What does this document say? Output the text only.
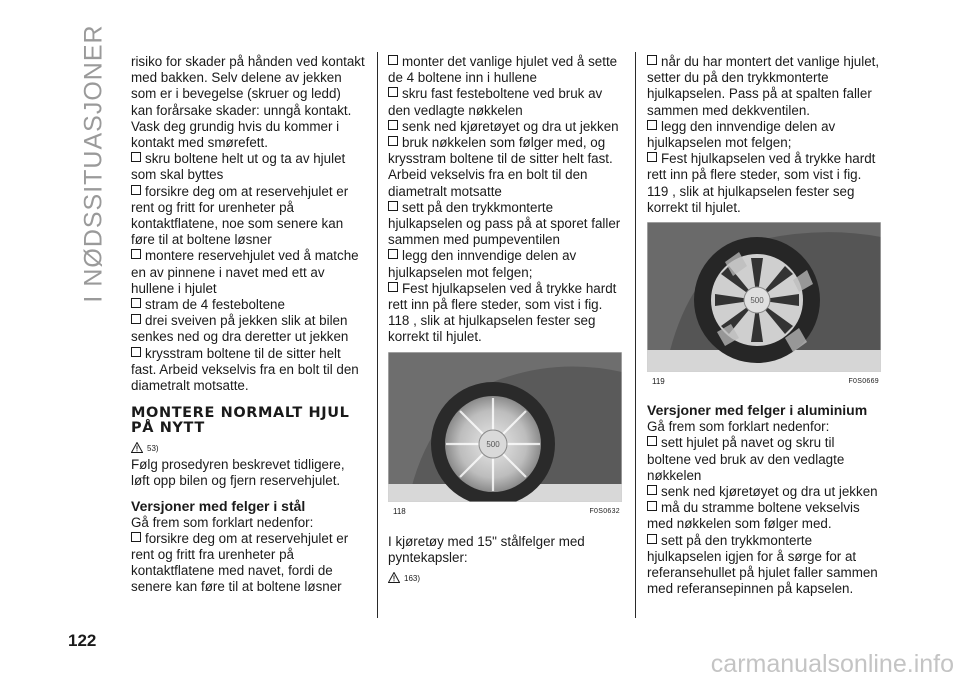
I NØDSSITUASJONER risiko for skader på hånden ved kontakt med bakken. Selv delene av jekken som er i bevegelse (skruer og ledd) kan forårsake skader: unngå kontakt. Vask deg grundig hvis du kommer i kontakt med smørefett.

skru boltene helt ut og ta av hjulet som skal byttes

forsikre deg om at reservehjulet er rent og fritt for urenheter på kontaktflatene, noe som senere kan føre til at boltene løsner

montere reservehjulet ved å matche en av pinnene i navet med ett av hullene i hjulet

stram de 4 festeboltene

drei sveiven på jekken slik at bilen senkes ned og dra deretter ut jekken

krysstram boltene til de sitter helt fast. Arbeid vekselvis fra en bolt til den diametralt motsatte.

MONTERE NORMALT HJUL PÅ NYTT
53)

Følg prosedyren beskrevet tidligere, løft opp bilen og fjern reservehjulet.

Versjoner med felger i stål

Gå frem som forklart nedenfor:

forsikre deg om at reservehjulet er rent og fritt fra urenheter på kontaktflatene med navet, fordi de senere kan føre til at boltene løsner

monter det vanlige hjulet ved å sette de 4 boltene inn i hullene

skru fast festeboltene ved bruk av den vedlagte nøkkelen

senk ned kjøretøyet og dra ut jekken

bruk nøkkelen som følger med, og krysstram boltene til de sitter helt fast. Arbeid vekselvis fra en bolt til den diametralt motsatte

sett på den trykkmonterte hjulkapselen og pass på at sporet faller sammen med pumpeventilen

legg den innvendige delen av hjulkapselen mot felgen;

Fest hjulkapselen ved å trykke hardt rett inn på flere steder, som vist i fig. 118 , slik at hjulkapselen fester seg korrekt til hjulet.

500
118	F0S0632

I kjøretøy med 15" stålfelger med pyntekapsler:

163)

når du har montert det vanlige hjulet, setter du på den trykkmonterte hjulkapselen. Pass på at spalten faller sammen med dekkventilen.

legg den innvendige delen av hjulkapselen mot felgen;

Fest hjulkapselen ved å trykke hardt rett inn på flere steder, som vist i fig. 119 , slik at hjulkapselen fester seg korrekt til hjulet.

500
119	F0S0669
Versjoner med felger i aluminium

Gå frem som forklart nedenfor:

sett hjulet på navet og skru til boltene ved bruk av den vedlagte nøkkelen

senk ned kjøretøyet og dra ut jekken

må du stramme boltene vekselvis med nøkkelen som følger med.

sett på den trykkmonterte hjulkapselen igjen for å sørge for at referansehullet på hjulet faller sammen med referansepinnen på kapselen.

122
carmanualsonline.info
